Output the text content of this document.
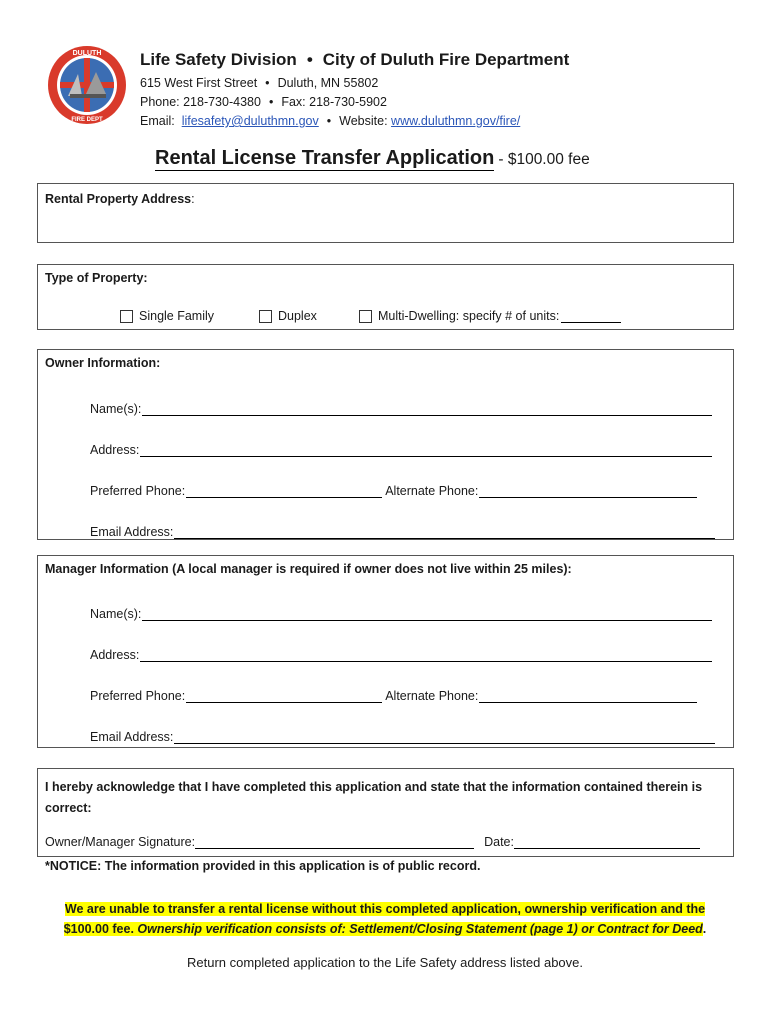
DULUTH
FIRE DEPT
Life Safety Division • City of Duluth Fire Department
615 West First Street • Duluth, MN 55802
Phone: 218-730-4380 • Fax: 218-730-5902
Email: lifesafety@duluthmn.gov • Website: www.duluthmn.gov/fire/
Rental License Transfer Application - $100.00 fee
Rental Property Address:
Type of Property:
Single Family	Duplex	Multi-Dwelling: specify # of units:
Owner Information:
Name(s):
Address:
Preferred Phone:	Alternate Phone:
Email Address:
Manager Information (A local manager is required if owner does not live within 25 miles):
Name(s):
Address:
Preferred Phone:	Alternate Phone:
Email Address:
I hereby acknowledge that I have completed this application and state that the information contained therein is correct:
Owner/Manager Signature:	Date:
*NOTICE: The information provided in this application is of public record.
We are unable to transfer a rental license without this completed application, ownership verification and the
$100.00 fee. Ownership verification consists of: Settlement/Closing Statement (page 1) or Contract for Deed.
Return completed application to the Life Safety address listed above.
